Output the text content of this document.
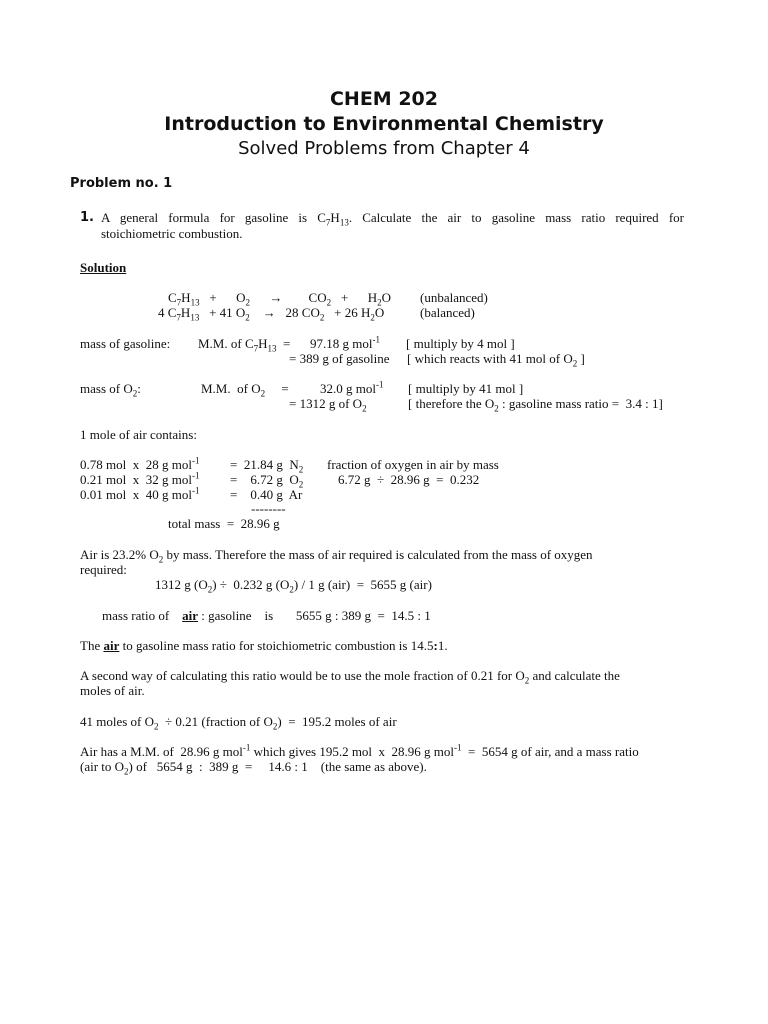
CHEM 202
Introduction to Environmental Chemistry
Solved Problems from Chapter 4
Problem no. 1
1. A general formula for gasoline is $C_7H_{13}$. Calculate the air to gasoline mass ratio required for
stoichiometric combustion.
Solution
$C_7H_{13}$   +      $O_2$      →        $CO_2$   +      $H_2O$ (unbalanced)
4 $C_7H_{13} + 41$ $O_2$    →   28 $CO_2 + 26$ $H_2O$	(balanced)
mass of gasoline: M.M. of $C_7H_{13} = 97.18$ g mol$^{-1}$ [ multiply by 4 mol ]
= 389 g of gasoline [ which reacts with 41 mol of $O_2$ ]
mass of $O_2$:	M.M.  of $O_2$     = 32.0 g mol$^{-1}$ [ multiply by 41 mol ]
= 1312 g of $O_2$	[ therefore the $O_2$ : gasoline mass ratio =  3.4 : 1]
1 mole of air contains:
0.78 mol  x  28 g mol$^{-1}$ =  21.84 g  $N_2$ fraction of oxygen in air by mass
0.21 mol  x  32 g mol$^{-1}$ =    6.72 g  $O_2$	6.72 g  ÷  28.96 g  =  0.232
0.01 mol  x  40 g mol$^{-1}$ =    0.40 g  Ar
--------
total mass  =  28.96 g
Air is 23.2% $O_2$ by mass. Therefore the mass of air required is calculated from the mass of oxygen
required:
1312 g $(O_2) \div 0.232$ g $(O_2) / 1$ g (air)  =  5655 g (air)
mass ratio of air : gasoline    is       5655 g : 389 g  =  14.5 : 1
The air to gasoline mass ratio for stoichiometric combustion is 14.5:1.
A second way of calculating this ratio would be to use the mole fraction of 0.21 for $O_2$ and calculate the
moles of air.
41 moles of $O_2 \div 0.21$ (fraction of $O_2) = 195.2$ moles of air
Air has a M.M. of  28.96 g mol$^{-1}$ which gives 195.2 mol  x  28.96 g mol$^{-1}$  =  5654 g of air, and a mass ratio
(air to $O_2$) of   5654 g  :  389 g  =     14.6 : 1    (the same as above).
